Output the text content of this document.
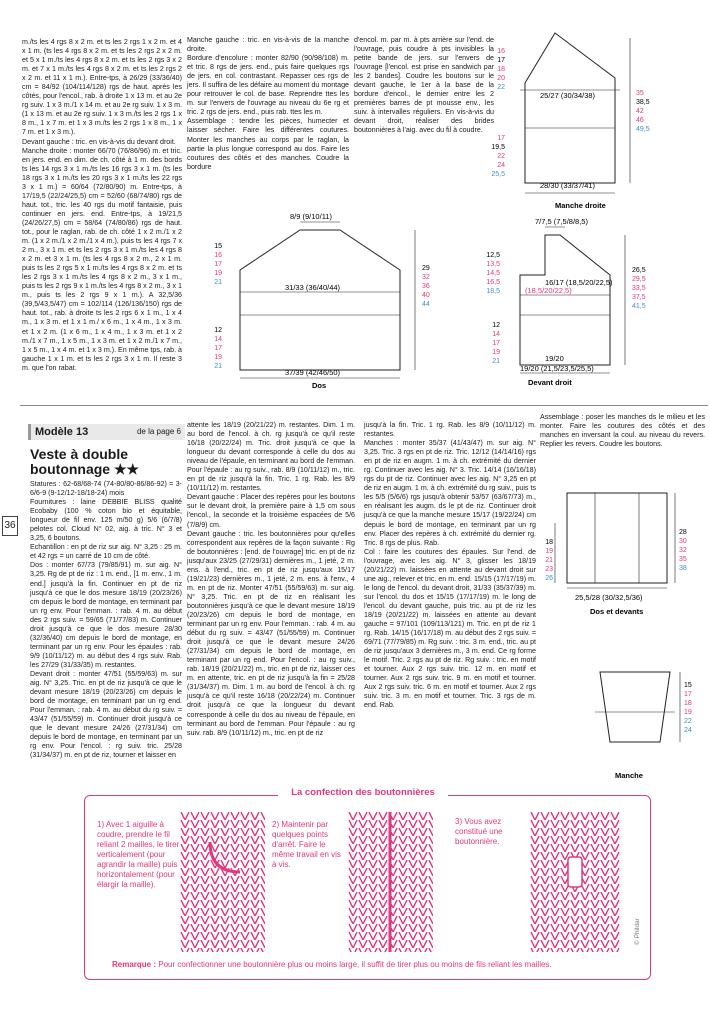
36

m./ts les 4 rgs 8 x 2 m. et ts les 2 rgs 1 x 2 m. et 4 x 1 m. (ts les 4 rgs 8 x 2 m. et ts les 2 rgs 2 x 2 m. et 5 x 1 m./ts les 4 rgs 8 x 2 m. et ts les 2 rgs 3 x 2 m. et 7 x 1 m./ts les 4 rgs 8 x 2 m. et ts les 2 rgs 2 x 2 m. et 11 x 1 m.). Entre-tps, à 26/29 (33/36/40) cm = 84/92 (104/114/128) rgs de haut. après les côtés, pour l'encol., rab. à droite 1 x 13 m. et au 2e rg suiv. 1 x 3 m./1 x 14 m. et au 2e rg suiv. 1 x 3 m. (1 x 13 m. et au 2e rg suiv. 1 x 3 m./ts les 2 rgs 1 x 8 m., 1 x 7 m. et 1 x 3 m./ts les 2 rgs 1 x 8 m., 1 x 7 m. et 1 x 3 m.).

Devant gauche : tric. en vis-à-vis du devant droit.

Manche droite : monter 66/70 (76/86/96) m. et tric. en jers. end. en dim. de ch. côté à 1 m. des bords ts les 14 rgs 3 x 1 m./ts les 16 rgs 3 x 1 m. (ts les 18 rgs 3 x 1 m./ts les 20 rgs 3 x 1 m./ts les 22 rgs 3 x 1 m.) = 60/64 (72/80/90) m. Entre-tps, à 17/19,5 (22/24/25,5) cm = 52/60 (68/74/80) rgs de haut. tot., tric. les 40 rgs du motif fantaisie, puis continuer en jers. end. Entre-tps, à 19/21,5 (24/26/27,5) cm = 58/64 (74/80/86) rgs de haut. tot., pour le raglan, rab. de ch. côté 1 x 2 m./1 x 2 m. (1 x 2 m./1 x 2 m./1 x 4 m.), puis ts les 4 rgs 7 x 2 m., 3 x 1 m. et ts les 2 rgs 3 x 1 m./ts les 4 rgs 8 x 2 m. et 3 x 1 m. (ts les 4 rgs 8 x 2 m., 2 x 1 m. puis ts les 2 rgs 5 x 1 m./ts les 4 rgs 8 x 2 m. et ts les 2 rgs 3 x 1 m./ts les 4 rgs 8 x 2 m., 3 x 1 m., puis ts les 2 rgs 9 x 1 m./ts les 4 rgs 8 x 2 m., 3 x 1 m., puis ts les 2 rgs 9 x 1 m.). A 32,5/36 (39,5/43,5/47) cm = 102/114 (126/136/150) rgs de haut. tot., rab. à droite ts les 2 rgs 6 x 1 m., 1 x 4 m., 1 x 3 m. et 1 x 1 m./ x 6 m., 1 x 4 m., 1 x 3 m. et 1 x 2 m. (1 x 6 m., 1 x 4 m., 1 x 3 m. et 1 x 2 m./1 x 7 m., 1 x 5 m., 1 x 3 m. et 1 x 2 m./1 x 7 m., 1 x 5 m., 1 x 4 m. et 1 x 3 m.). En même tps, rab. à gauche 1 x 1 m. et ts les 2 rgs 3 x 1 m. Il reste 3 m. que l'on rabat.

Manche gauche : tric. en vis-à-vis de la manche droite.

Bordure d'encolure : monter 82/90 (90/98/108) m. et tric. 8 rgs de jers. end., puis faire quelques rgs de jers. en col. contrastant. Repasser ces rgs de jers. Il suffira de les défaire au moment du montage pour retrouver le col. de base. Reprendre ttes les m. sur l'envers de l'ouvrage au niveau du 6e rg et tric. 2 rgs de jers. end., puis rab. ttes les m.

Assemblage : tendre les pièces, humecter et laisser sécher. Faire les différentes coutures. Monter les manches au corps par le raglan, la partie la plus longue correspond au dos. Faire les coutures des côtés et des manches. Coudre la bordure

d'encol. m. par m. à pts arrière sur l'end. de l'ouvrage, puis coudre à pts invisibles la petite bande de jers. sur l'envers de l'ouvrage [l'encol. est prise en sandwich par les 2 bandes]. Coudre les boutons sur le devant gauche, le 1er à la base de la bordure d'encol., le dernier entre les 2 premières barres de pt mousse env., les suiv. à intervalles réguliers. En vis-à-vis du devant droit, réaliser des brides boutonnières à l'aig. avec du fil à coudre.

25/27 (30/34/38)
28/30 (33/37/41)
16
17
18
20
22
17
19,5
22
24
25,5
35
38,5
42
46
49,5
Manche droite
8/9 (9/10/11)
31/33 (36/40/44)
37/39 (42/46/50)
15
16
17
19
21
12
14
17
19
21
29
32
36
40
44
Dos
7/7,5 (7,5/8/8,5)
16/17 (18,5/20/22,5)
(18,5/20/22,5)
19/20
19/20 (21,5/23,5/25,5)
12,5
13,5
14,5
16,5
18,5
12
14
17
19
21
26,5
29,5
33,5
37,5
41,5
Devant droit
Modèle 13	de la page 6
Veste à double boutonnage ★★

Statures : 62-68/68-74 (74-80/80-86/86-92) = 3-6/6-9 (9-12/12-18/18-24) mois

Fournitures : laine DEBBIE BLISS qualité Ecobaby (100 % coton bio et équitable, longueur de fil env. 125 m/50 g) 5/6 (6/7/8) pelotes col. Cloud N° 02, aig. à tric. N° 3 et 3,25, 6 boutons.

Echantillon : en pt de riz sur aig. N° 3,25 : 25 m. et 42 rgs = un carré de 10 cm de côté.

Dos : monter 67/73 (79/85/91) m. sur aig. N° 3,25. Rg de pt de riz : 1 m. end., [1 m. env., 1 m. end.] jusqu'à la fin. Continuer en pt de riz jusqu'à ce que le dos mesure 18/19 (20/23/26) cm depuis le bord de montage, en terminant par un rg env. Pour l'emman. : rab. 4 m. au début des 2 rgs suiv. = 59/65 (71/77/83) m. Continuer droit jusqu'à ce que le dos mesure 28/30 (32/36/40) cm depuis le bord de montage, en terminant par un rg env. Pour les épaules : rab. 9/9 (10/11/12) m. au début des 4 rgs suiv. Rab. les 27/29 (31/33/35) m. restantes.

Devant droit : monter 47/51 (55/59/63) m. sur aig. N° 3,25. Tric. en pt de riz jusqu'à ce que le devant mesure 18/19 (20/23/26) cm depuis le bord de montage, en terminant par un rg end. Pour l'emman. : rab. 4 m. au début du rg suiv. = 43/47 (51/55/59) m. Continuer droit jusqu'à ce que le devant mesure 24/26 (27/31/34) cm depuis le bord de montage, en terminant par un rg env. Pour l'encol. : rg suiv. tric. 25/28 (31/34/37) m. en pt de riz, tourner et laisser en

attente les 18/19 (20/21/22) m. restantes. Dim. 1 m. au bord de l'encol. à ch. rg jusqu'à ce qu'il reste 16/18 (20/22/24) m. Tric. droit jusqu'à ce que la longueur du devant corresponde à celle du dos au niveau de l'épaule, en terminant au bord de l'emman. Pour l'épaule : au rg suiv., rab. 8/9 (10/11/12) m., tric. en pt de riz jusqu'à la fin. Tric. 1 rg. Rab. les 8/9 (10/11/12) m. restantes.

Devant gauche : Placer des repères pour les boutons sur le devant droit, la première paire à 1,5 cm sous l'encol., la seconde et la troisième espacées de 5/6 (7/8/9) cm.

Devant gauche : tric. les boutonnières pour qu'elles correspondent aux repères de la façon suivante : Rg de boutonnières : [end. de l'ouvrage] tric. en pt de riz jusqu'aux 23/25 (27/29/31) dernières m., 1 jeté, 2 m. ens. à l'end., tric. en pt de riz jusqu'aux 15/17 (19/21/23) dernières m., 1 jeté, 2 m. ens. à l'env., 4 m. en pt de riz. Monter 47/51 (55/59/63) m. sur aig. N° 3,25. Tric. en pt de riz en réalisant les boutonnières jusqu'à ce que le devant mesure 18/19 (20/23/26) cm depuis le bord de montage, en terminant par un rg env. Pour l'emman. : rab. 4 m. au début du rg suiv. = 43/47 (51/55/59) m. Continuer droit jusqu'à ce que le devant mesure 24/26 (27/31/34) cm depuis le bord de montage, en terminant par un rg end. Pour l'encol. : au rg suiv., rab. 18/19 (20/21/22) m., tric. en pt de riz, laisser ces m. en attente, tric. en pt de riz jusqu'à la fin = 25/28 (31/34/37) m. Dim. 1 m. au bord de l'encol. à ch. rg jusqu'à ce qu'il reste 16/18 (20/22/24) m. Continuer droit jusqu'à ce que la longueur du devant corresponde à celle du dos au niveau de l'épaule, en terminant au bord de l'emman. Pour l'épaule : au rg suiv. rab. 8/9 (10/11/12) m., tric. en pt de riz

jusqu'à la fin. Tric. 1 rg. Rab. les 8/9 (10/11/12) m. restantes.

Manches : monter 35/37 (41/43/47) m. sur aig. N° 3,25. Tric. 3 rgs en pt de riz. Tric. 12/12 (14/14/16) rgs en pt de riz en augm. 1 m. à ch. extrémité du dernier rg. Continuer avec les aig. N° 3. Tric. 14/14 (16/16/18) rgs du pt de riz. Continuer avec les aig. N° 3,25 en pt de riz en augm. 1 m. à ch. extrémité du rg suiv., puis ts les 5/5 (5/6/6) rgs jusqu'à obtenir 53/57 (63/67/73) m., en réalisant les augm. ds le pt de riz. Continuer droit jusqu'à ce que la manche mesure 15/17 (19/22/24) cm depuis le bord de montage, en terminant par un rg env. Placer des repères à ch. extrémité du dernier rg. Tric. 8 rgs de plus. Rab.

Col : faire les coutures des épaules. Sur l'end. de l'ouvrage, avec les aig. N° 3, glisser les 18/19 (20/21/22) m. laissées en attente au devant droit sur une aig., relever et tric. en m. end. 15/15 (17/17/19) m. le long de l'encol. du devant droit, 31/33 (35/37/39) m. sur l'encol. du dos et 15/15 (17/17/19) m. le long de l'encol. du devant gauche, puis tric. au pt de riz les 18/19 (20/21/22) m. laissées en attente au devant gauche = 97/101 (109/113/121) m. Tric. en pt de riz 1 rg. Rab. 14/15 (16/17/18) m. au début des 2 rgs suiv. = 69/71 (77/79/85) m. Rg suiv. : tric. 3 m. end., tric. au pt de riz jusqu'aux 3 dernières m., 3 m. end. Ce rg forme le motif. Tric. 2 rgs au pt de riz. Rg suiv. : tric. en motif et tourner. Aux 2 rgs suiv. tric. 12 m. en motif et tourner. Aux 2 rgs suiv. tric. 9 m. en motif et tourner. Aux 2 rgs suiv. tric. 6 m. en motif et tourner. Aux 2 rgs suiv. tric. 3 m. en motif et tourner. Tric. 3 rgs de m. end. Rab.

Assemblage : poser les manches ds le milieu et les monter. Faire les coutures des côtés et des manches en inversant la coul. au niveau du revers. Replier les revers. Coudre les boutons.

18
19
21
23
26
28
30
32
35
38
25,5/28 (30/32,5/36)
Dos et devants
15
17
18
19
22
24
Manche
La confection des boutonnières
1) Avec 1 aiguille à coudre, prendre le fil reliant 2 mailles, le tirer verticalement (pour agrandir la maille) puis horizontalement (pour élargir la maille).
2) Maintenir par quelques points d'arrêt. Faire le même travail en vis à vis.
3) Vous avez constitué une boutonnière.
Remarque : Pour confectionner une boutonnière plus ou moins large, il suffit de tirer plus ou moins de fils reliant les mailles.
© Phildar
